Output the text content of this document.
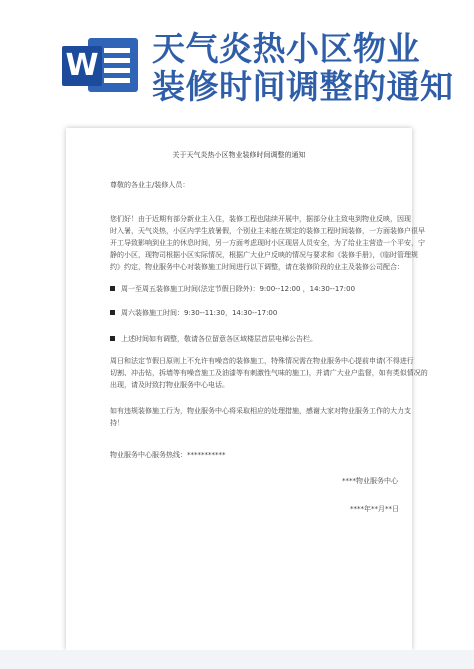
W 天气炎热小区物业
装修时间调整的通知
关于天气炎热小区物业装修时间调整的通知
尊敬的各业主/装修人员：
您们好！由于近期有部分新业主入住，装修工程也陆续开展中，据部分业主致电到物业反映，因现
时入暑，天气炎热，小区内学生放暑假，个别业主未能在规定的装修工程时间装修，一方面装修户很早
开工导致影响到业主的休息时间，另一方面考虑现时小区现居人员安全，为了给业主营造一个平安，宁
静的小区，现物司根据小区实际情况，根据广大业户反映的情况与要求和《装修手册》，《临时管理规
约》约定，物业服务中心对装修施工时间进行以下调整，请在装修阶段的业主及装修公司配合：
周一至周五装修施工时间(法定节假日除外)：9:00--12:00 ，14:30--17:00
周六装修施工时间：9:30--11:30，14:30--17:00
上述时间如有调整，敬请各位留意各区域楼层首层电梯公告栏。
周日和法定节假日原则上不允许有噪音的装修施工，特殊情况需在物业服务中心提前申请(不得进行
切割、冲击钻，拆墙等有噪音施工及油漆等有刺激性气味的施工)，并请广大业户监督，如有类似情况的
出现，请及时致打物业服务中心电话。
如有违规装修施工行为，物业服务中心将采取相应的处理措施，感谢大家对物业服务工作的大力支
持！
物业服务中心服务热线：***********
****物业服务中心
****年**月**日
